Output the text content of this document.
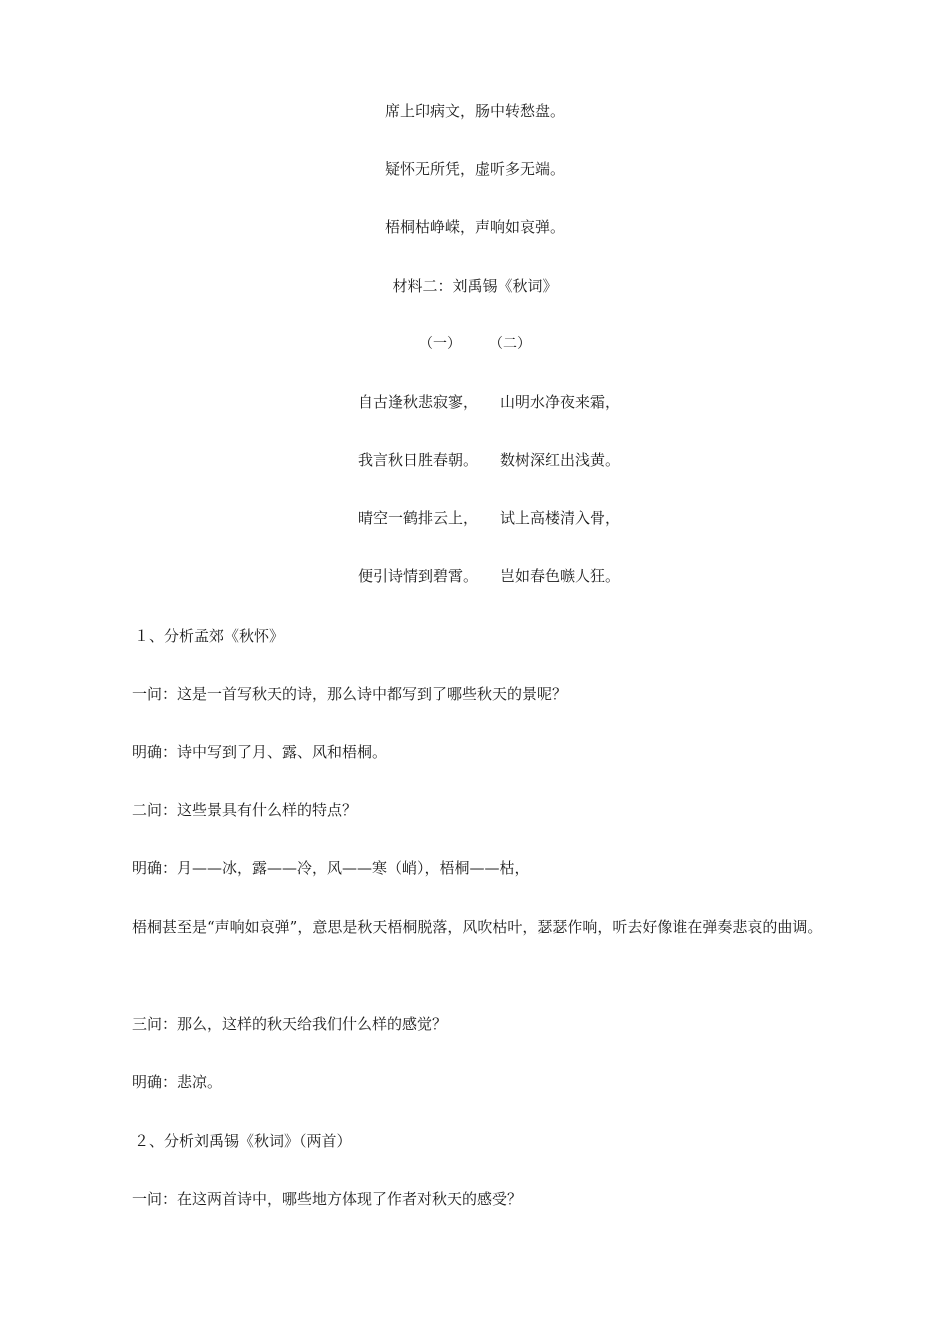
席上印病文，肠中转愁盘。

疑怀无所凭，虚听多无端。

梧桐枯峥嵘，声响如哀弹。

材料二：刘禹锡《秋词》

（一）　　　（二）

自古逢秋悲寂寥， 山明水净夜来霜，
我言秋日胜春朝。 数树深红出浅黄。
晴空一鹤排云上， 试上高楼清入骨，
便引诗情到碧霄。 岂如春色嗾人狂。

１、分析孟郊《秋怀》

一问：这是一首写秋天的诗，那么诗中都写到了哪些秋天的景呢？

明确：诗中写到了月、露、风和梧桐。

二问：这些景具有什么样的特点？

明确：月——冰，露——冷，风——寒（峭），梧桐——枯，

梧桐甚至是“声响如哀弹”，意思是秋天梧桐脱落，风吹枯叶，瑟瑟作响，听去好像谁在弹奏悲哀的曲调。

三问：那么，这样的秋天给我们什么样的感觉？

明确：悲凉。

２、分析刘禹锡《秋词》（两首）

一问：在这两首诗中，哪些地方体现了作者对秋天的感受？
